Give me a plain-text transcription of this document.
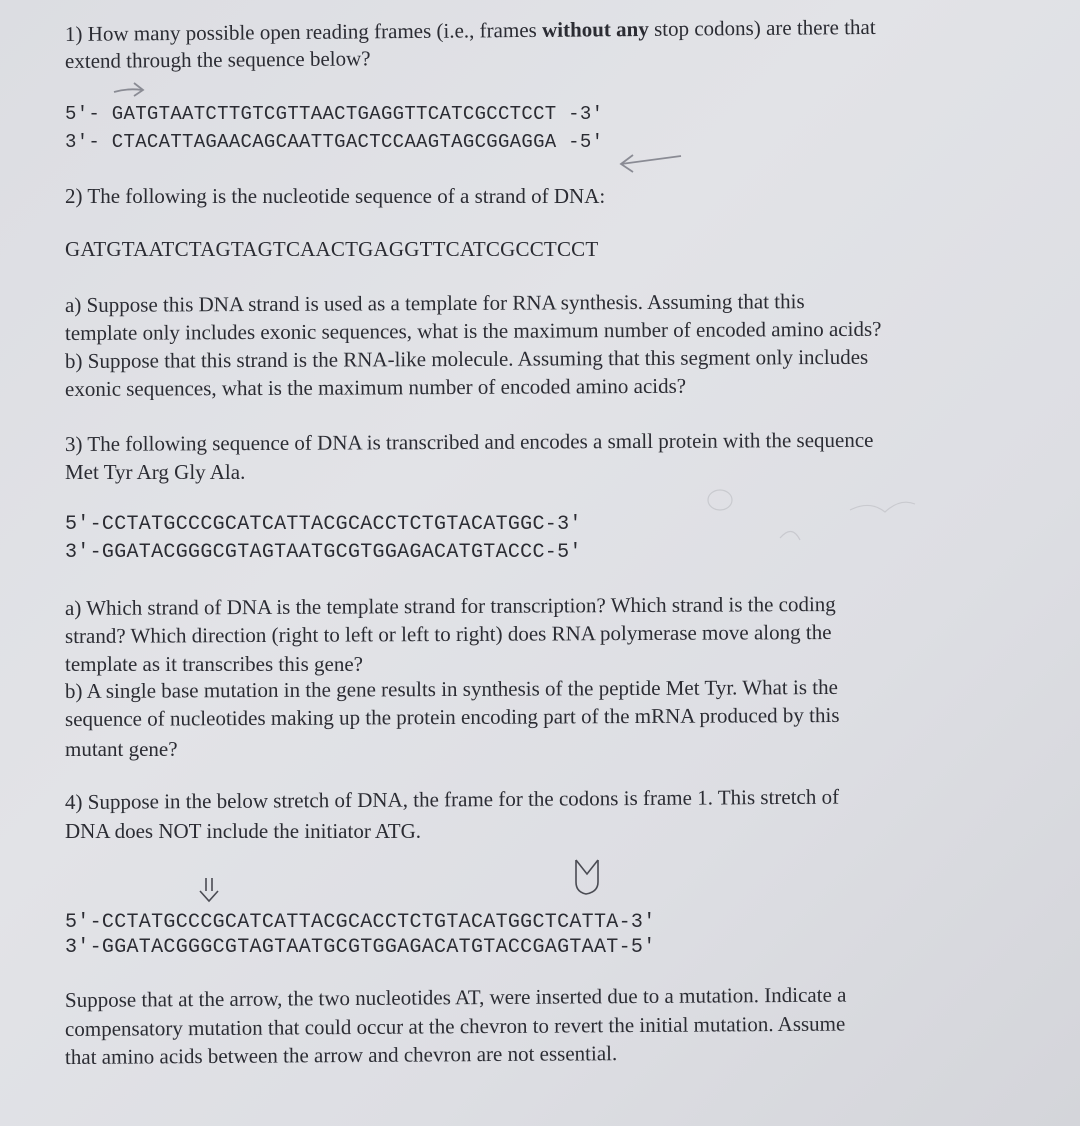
1) How many possible open reading frames (i.e., frames without any stop codons) are there that

extend through the sequence below?

5'- GATGTAATCTTGTCGTTAACTGAGGTTCATCGCCTCCT -3'
3'- CTACATTAGAACAGCAATTGACTCCAAGTAGCGGAGGA -5'

2) The following is the nucleotide sequence of a strand of DNA:

GATGTAATCTAGTAGTCAACTGAGGTTCATCGCCTCCT

a) Suppose this DNA strand is used as a template for RNA synthesis. Assuming that this

template only includes exonic sequences, what is the maximum number of encoded amino acids?

b) Suppose that this strand is the RNA-like molecule. Assuming that this segment only includes

exonic sequences, what is the maximum number of encoded amino acids?

3) The following sequence of DNA is transcribed and encodes a small protein with the sequence

Met Tyr Arg Gly Ala.

5'-CCTATGCCCGCATCATTACGCACCTCTGTACATGGC-3'
3'-GGATACGGGCGTAGTAATGCGTGGAGACATGTACCC-5'

a) Which strand of DNA is the template strand for transcription? Which strand is the coding

strand? Which direction (right to left or left to right) does RNA polymerase move along the

template as it transcribes this gene?

b) A single base mutation in the gene results in synthesis of the peptide Met Tyr. What is the

sequence of nucleotides making up the protein encoding part of the mRNA produced by this

mutant gene?

4) Suppose in the below stretch of DNA, the frame for the codons is frame 1. This stretch of

DNA does NOT include the initiator ATG.

5'-CCTATGCCCGCATCATTACGCACCTCTGTACATGGCTCATTA-3'
3'-GGATACGGGCGTAGTAATGCGTGGAGACATGTACCGAGTAAT-5'

Suppose that at the arrow, the two nucleotides AT, were inserted due to a mutation. Indicate a

compensatory mutation that could occur at the chevron to revert the initial mutation. Assume

that amino acids between the arrow and chevron are not essential.
